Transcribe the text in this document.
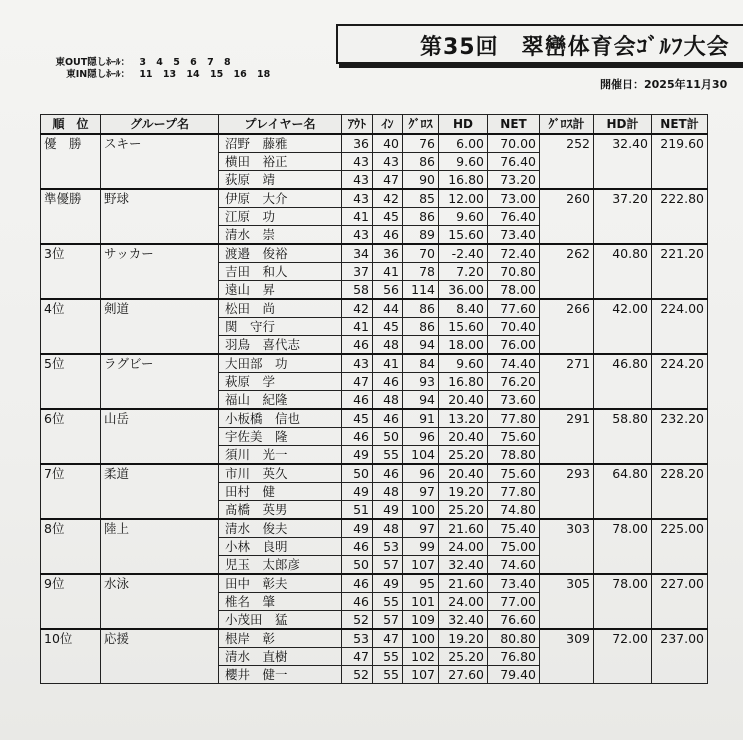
第35回　翠巒体育会ｺﾞﾙﾌ大会
東OUT隠しﾎｰﾙ： 3 4 5 6 7 8
東IN隠しﾎｰﾙ： 11 13 14 15 16 18
開催日：2025年11月30
順　位	グループ名	プレイヤー名	ｱｳﾄ	ｲﾝ	ｸﾞﾛｽ	HD	NET	ｸﾞﾛｽ計	HD計	NET計
優　勝	スキー	沼野　藤雅	36	40	76	6.00	70.00	252	32.40	219.60
		横田　裕正	43	43	86	9.60	76.40			
		荻原　靖	43	47	90	16.80	73.20			
準優勝	野球	伊原　大介	43	42	85	12.00	73.00	260	37.20	222.80
		江原　功	41	45	86	9.60	76.40			
		清水　崇	43	46	89	15.60	73.40			
3位	サッカー	渡邉　俊裕	34	36	70	-2.40	72.40	262	40.80	221.20
		吉田　和人	37	41	78	7.20	70.80			
		遠山　昇	58	56	114	36.00	78.00			
4位	剣道	松田　尚	42	44	86	8.40	77.60	266	42.00	224.00
		関　守行	41	45	86	15.60	70.40			
		羽鳥　喜代志	46	48	94	18.00	76.00			
5位	ラグビー	大田部　功	43	41	84	9.60	74.40	271	46.80	224.20
		萩原　学	47	46	93	16.80	76.20			
		福山　紀隆	46	48	94	20.40	73.60			
6位	山岳	小板橋　信也	45	46	91	13.20	77.80	291	58.80	232.20
		宇佐美　隆	46	50	96	20.40	75.60			
		須川　光一	49	55	104	25.20	78.80			
7位	柔道	市川　英久	50	46	96	20.40	75.60	293	64.80	228.20
		田村　健	49	48	97	19.20	77.80			
		髙橋　英男	51	49	100	25.20	74.80			
8位	陸上	清水　俊夫	49	48	97	21.60	75.40	303	78.00	225.00
		小林　良明	46	53	99	24.00	75.00			
		児玉　太郎彦	50	57	107	32.40	74.60			
9位	水泳	田中　彰夫	46	49	95	21.60	73.40	305	78.00	227.00
		椎名　肇	46	55	101	24.00	77.00			
		小茂田　猛	52	57	109	32.40	76.60			
10位	応援	根岸　彰	53	47	100	19.20	80.80	309	72.00	237.00
		清水　直樹	47	55	102	25.20	76.80			
		櫻井　健一	52	55	107	27.60	79.40			
